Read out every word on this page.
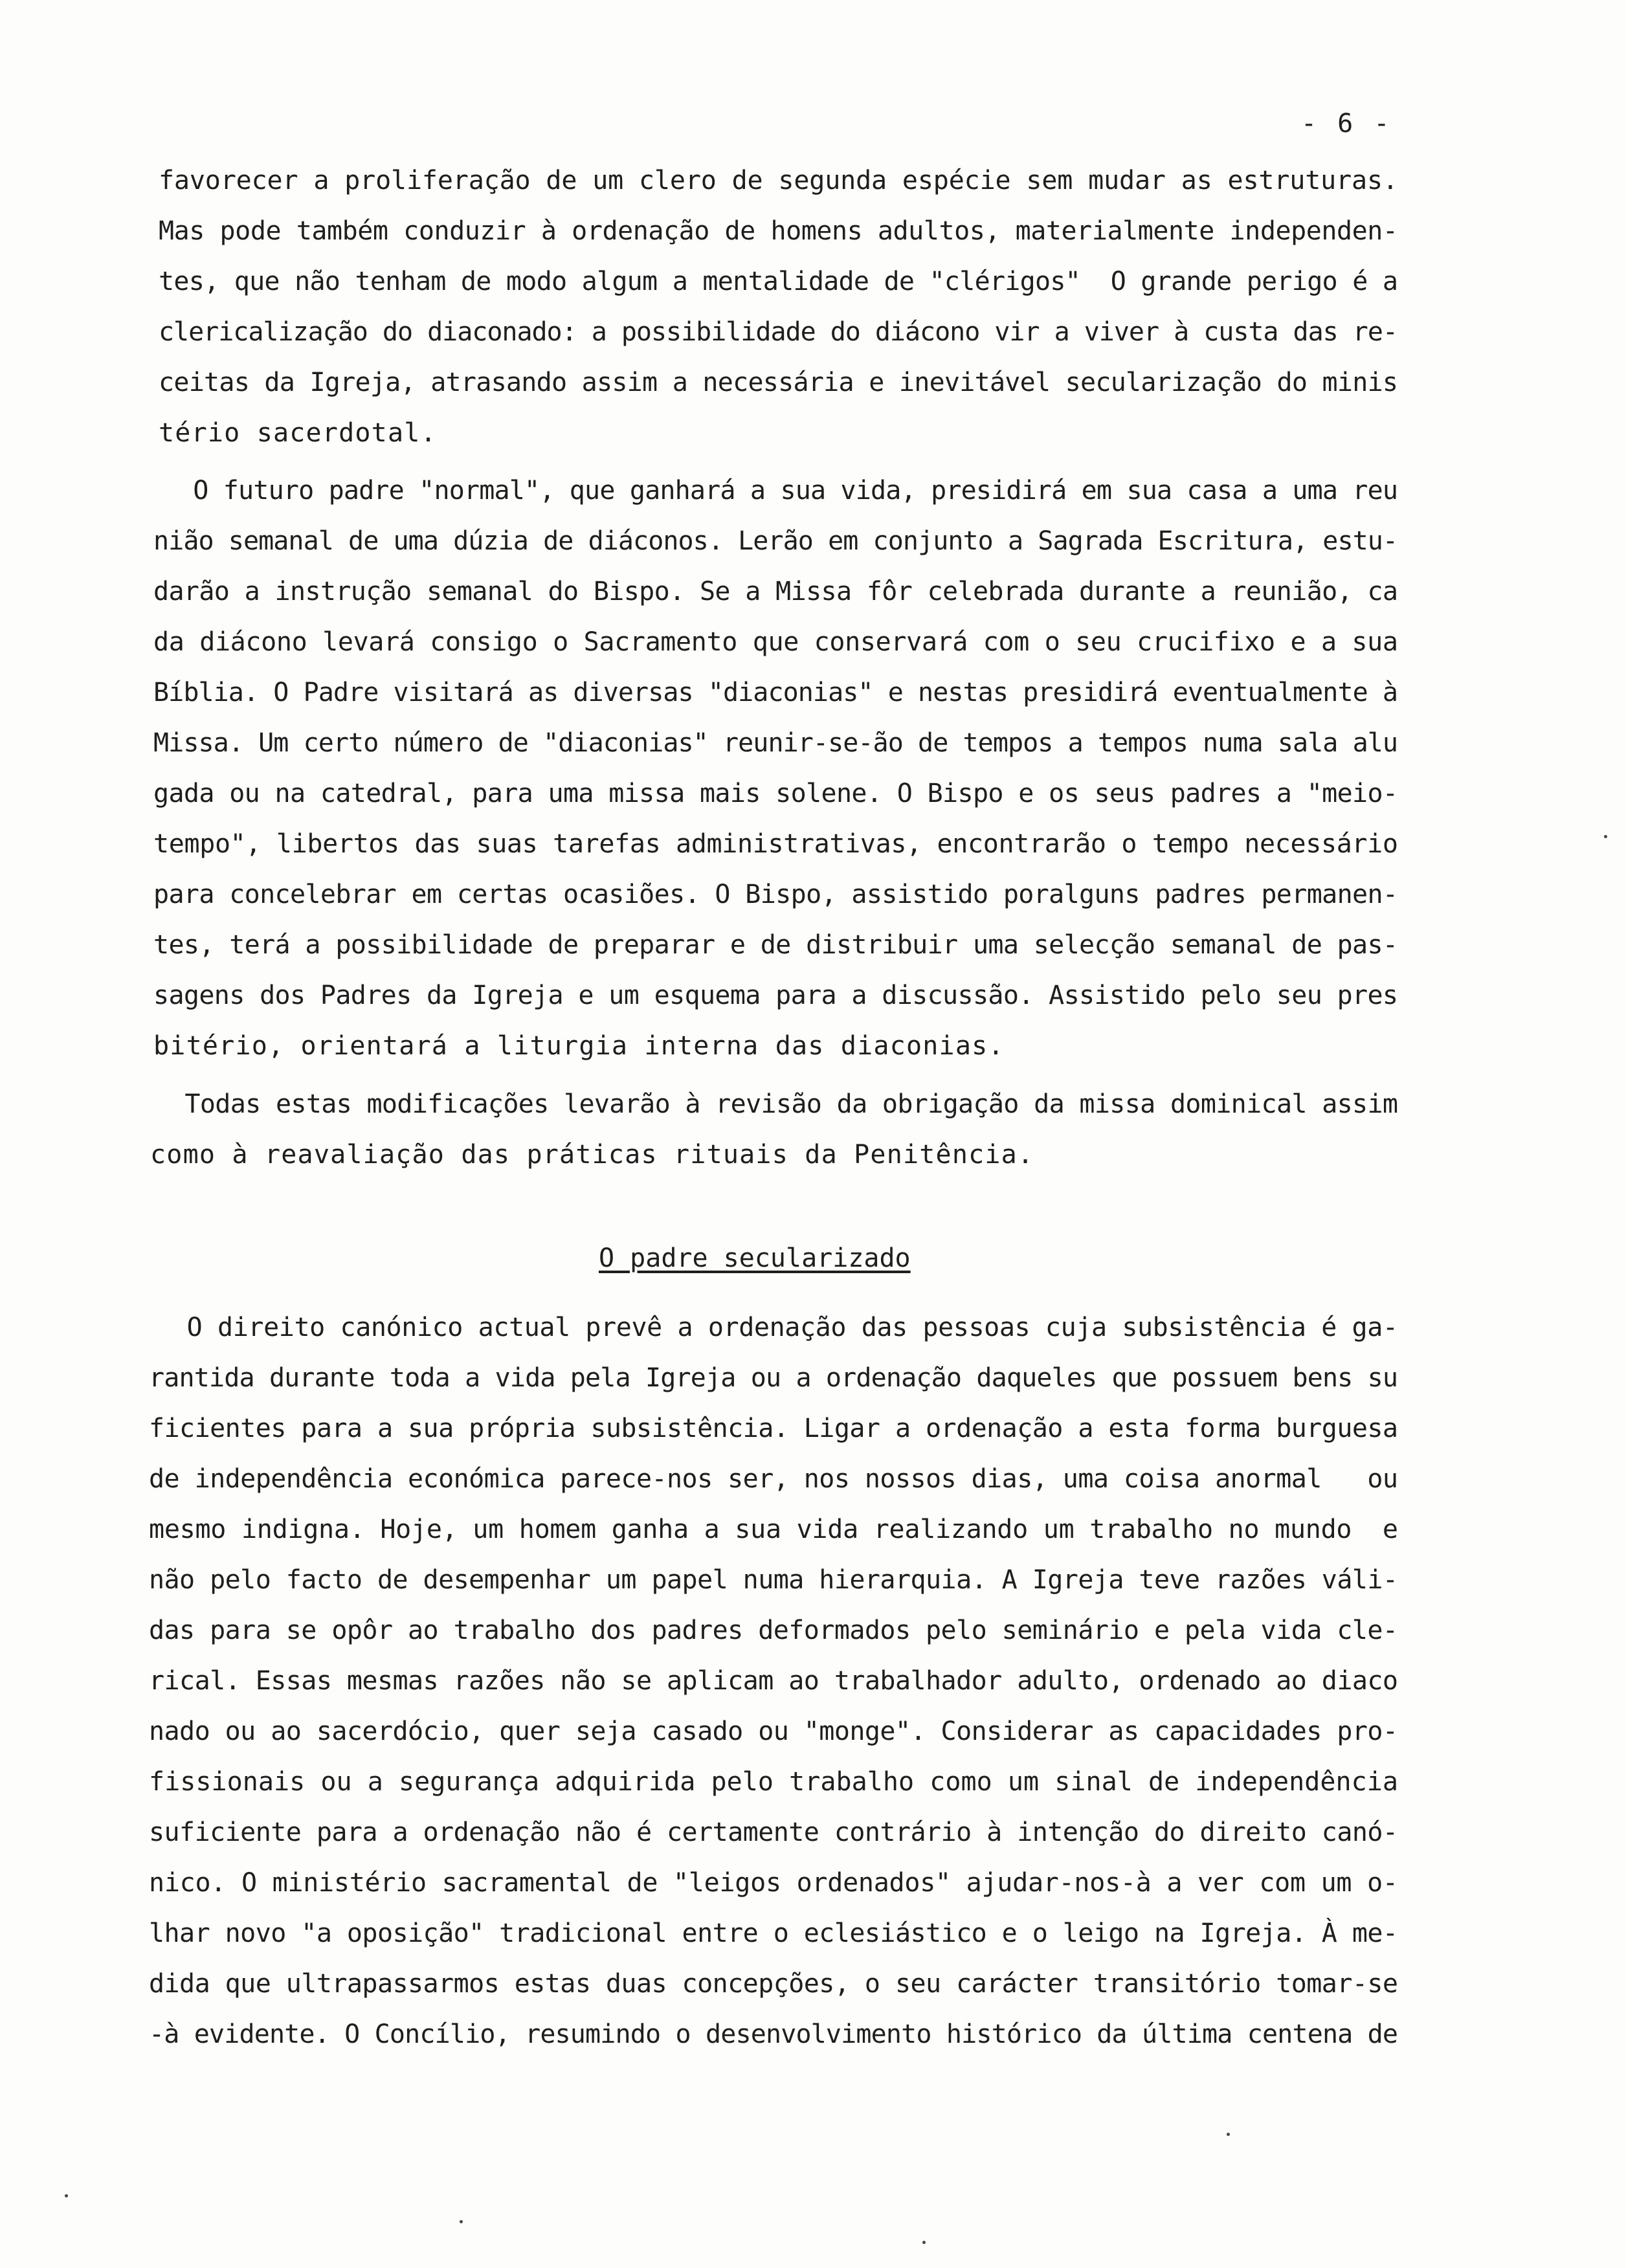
- 6 -
favorecer a proliferação de um clero de segunda espécie sem mudar as estruturas.
Mas pode também conduzir à ordenação de homens adultos, materialmente independen-
tes, que não tenham de modo algum a mentalidade de "clérigos"  O grande perigo é a
clericalização do diaconado: a possibilidade do diácono vir a viver à custa das re-
ceitas da Igreja, atrasando assim a necessária e inevitável secularização do minis
tério sacerdotal.
O futuro padre "normal", que ganhará a sua vida, presidirá em sua casa a uma reu
nião semanal de uma dúzia de diáconos. Lerão em conjunto a Sagrada Escritura, estu-
darão a instrução semanal do Bispo. Se a Missa fôr celebrada durante a reunião, ca
da diácono levará consigo o Sacramento que conservará com o seu crucifixo e a sua
Bíblia. O Padre visitará as diversas "diaconias" e nestas presidirá eventualmente à
Missa. Um certo número de "diaconias" reunir-se-ão de tempos a tempos numa sala alu
gada ou na catedral, para uma missa mais solene. O Bispo e os seus padres a "meio-
tempo", libertos das suas tarefas administrativas, encontrarão o tempo necessário
para concelebrar em certas ocasiões. O Bispo, assistido poralguns padres permanen-
tes, terá a possibilidade de preparar e de distribuir uma selecção semanal de pas-
sagens dos Padres da Igreja e um esquema para a discussão. Assistido pelo seu pres
bitério, orientará a liturgia interna das diaconias.
Todas estas modificações levarão à revisão da obrigação da missa dominical assim
como à reavaliação das práticas rituais da Penitência.
O padre secularizado
O direito canónico actual prevê a ordenação das pessoas cuja subsistência é ga-
rantida durante toda a vida pela Igreja ou a ordenação daqueles que possuem bens su
ficientes para a sua própria subsistência. Ligar a ordenação a esta forma burguesa
de independência económica parece-nos ser, nos nossos dias, uma coisa anormal   ou
mesmo indigna. Hoje, um homem ganha a sua vida realizando um trabalho no mundo  e
não pelo facto de desempenhar um papel numa hierarquia. A Igreja teve razões váli-
das para se opôr ao trabalho dos padres deformados pelo seminário e pela vida cle-
rical. Essas mesmas razões não se aplicam ao trabalhador adulto, ordenado ao diaco
nado ou ao sacerdócio, quer seja casado ou "monge". Considerar as capacidades pro-
fissionais ou a segurança adquirida pelo trabalho como um sinal de independência
suficiente para a ordenação não é certamente contrário à intenção do direito canó-
nico. O ministério sacramental de "leigos ordenados" ajudar-nos-à a ver com um o-
lhar novo "a oposição" tradicional entre o eclesiástico e o leigo na Igreja. À me-
dida que ultrapassarmos estas duas concepções, o seu carácter transitório tomar-se
-à evidente. O Concílio, resumindo o desenvolvimento histórico da última centena de
